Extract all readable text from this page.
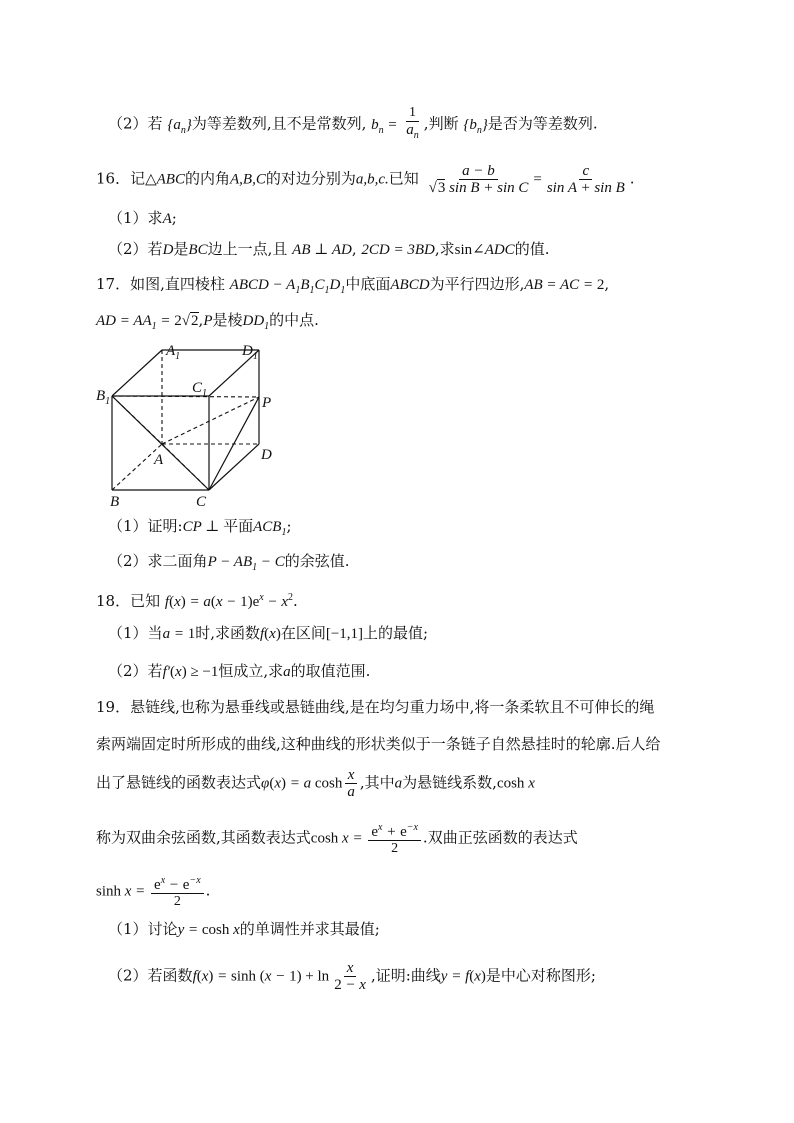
（2）若 $\{a_n\}$为等差数列,且不是常数列, $b_n = \frac{1}{a_n}$ ,判断 $\{b_n\}$是否为等差数列.
16．记△ABC的内角A,B,C的对边分别为a,b,c.已知 $\frac{a - b}{\text{√3 sin B + sin C}} = \frac{c}{\text{sin A + sin B}}$ .
（1）求A;
（2）若D是BC边上一点,且 AB ⊥ AD, 2CD = 3BD,求sin∠ADC的值.
17．如图,直四棱柱 ABCD − $A_1B_1C_1D_1$中底面ABCD为平行四边形,AB = AC = 2,
AD = $AA_1 = 2√2,P$是棱$DD_1$的中点.
$A_1$	$D_1$
$B_1$
$C_1$
P
A	D
B	C
（1）证明:CP ⊥ 平面$ACB_1$;
（2）求二面角$P - AB_1 - C$的余弦值.
18．已知 $f(x) = a(x - 1)e^x - x^2$.
（1）当a = 1时,求函数f(x)在区间[−1,1]上的最值;
（2）若f′(x) ≥ −1恒成立,求a的取值范围.
19．悬链线,也称为悬垂线或悬链曲线,是在均匀重力场中,将一条柔软且不可伸长的绳
索两端固定时所形成的曲线,这种曲线的形状类似于一条链子自然悬挂时的轮廓.后人给
出了悬链线的函数表达式φ(x) = a $\cosh \frac{x}{a}$ ,其中a为悬链线系数,cosh x
称为双曲余弦函数,其函数表达式$\cosh x = \frac{e^x + e^{-x}}{2}$ .双曲正弦函数的表达式
$\sinh x = \frac{e^x - e^{-x}}{2}$ .
（1）讨论y = cosh x的单调性并求其最值;
（2）若函数$f(x) = \sinh (x - 1) + \ln \frac{x}{2 - x}$ ,证明:曲线y = f(x)是中心对称图形;
